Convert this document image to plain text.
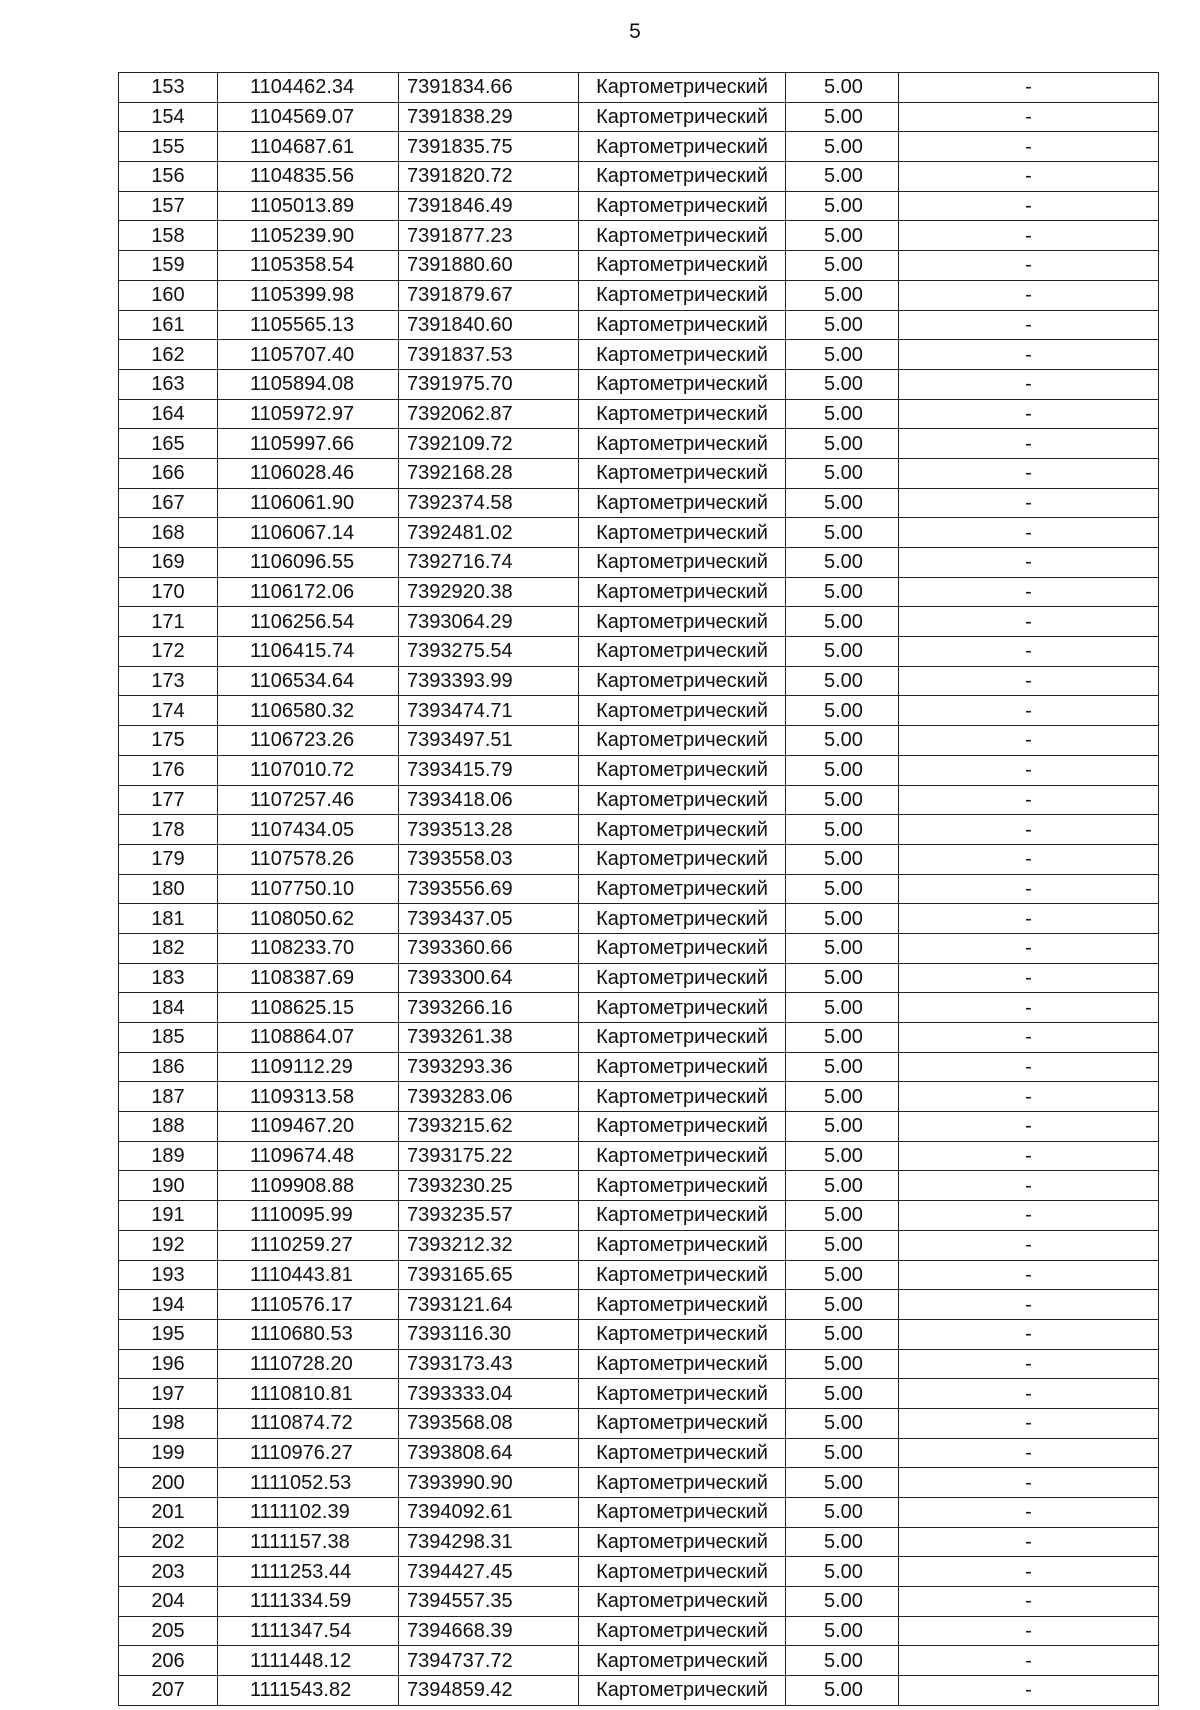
5
153	1104462.34	7391834.66	Картометрический	5.00	-
154	1104569.07	7391838.29	Картометрический	5.00	-
155	1104687.61	7391835.75	Картометрический	5.00	-
156	1104835.56	7391820.72	Картометрический	5.00	-
157	1105013.89	7391846.49	Картометрический	5.00	-
158	1105239.90	7391877.23	Картометрический	5.00	-
159	1105358.54	7391880.60	Картометрический	5.00	-
160	1105399.98	7391879.67	Картометрический	5.00	-
161	1105565.13	7391840.60	Картометрический	5.00	-
162	1105707.40	7391837.53	Картометрический	5.00	-
163	1105894.08	7391975.70	Картометрический	5.00	-
164	1105972.97	7392062.87	Картометрический	5.00	-
165	1105997.66	7392109.72	Картометрический	5.00	-
166	1106028.46	7392168.28	Картометрический	5.00	-
167	1106061.90	7392374.58	Картометрический	5.00	-
168	1106067.14	7392481.02	Картометрический	5.00	-
169	1106096.55	7392716.74	Картометрический	5.00	-
170	1106172.06	7392920.38	Картометрический	5.00	-
171	1106256.54	7393064.29	Картометрический	5.00	-
172	1106415.74	7393275.54	Картометрический	5.00	-
173	1106534.64	7393393.99	Картометрический	5.00	-
174	1106580.32	7393474.71	Картометрический	5.00	-
175	1106723.26	7393497.51	Картометрический	5.00	-
176	1107010.72	7393415.79	Картометрический	5.00	-
177	1107257.46	7393418.06	Картометрический	5.00	-
178	1107434.05	7393513.28	Картометрический	5.00	-
179	1107578.26	7393558.03	Картометрический	5.00	-
180	1107750.10	7393556.69	Картометрический	5.00	-
181	1108050.62	7393437.05	Картометрический	5.00	-
182	1108233.70	7393360.66	Картометрический	5.00	-
183	1108387.69	7393300.64	Картометрический	5.00	-
184	1108625.15	7393266.16	Картометрический	5.00	-
185	1108864.07	7393261.38	Картометрический	5.00	-
186	1109112.29	7393293.36	Картометрический	5.00	-
187	1109313.58	7393283.06	Картометрический	5.00	-
188	1109467.20	7393215.62	Картометрический	5.00	-
189	1109674.48	7393175.22	Картометрический	5.00	-
190	1109908.88	7393230.25	Картометрический	5.00	-
191	1110095.99	7393235.57	Картометрический	5.00	-
192	1110259.27	7393212.32	Картометрический	5.00	-
193	1110443.81	7393165.65	Картометрический	5.00	-
194	1110576.17	7393121.64	Картометрический	5.00	-
195	1110680.53	7393116.30	Картометрический	5.00	-
196	1110728.20	7393173.43	Картометрический	5.00	-
197	1110810.81	7393333.04	Картометрический	5.00	-
198	1110874.72	7393568.08	Картометрический	5.00	-
199	1110976.27	7393808.64	Картометрический	5.00	-
200	1111052.53	7393990.90	Картометрический	5.00	-
201	1111102.39	7394092.61	Картометрический	5.00	-
202	1111157.38	7394298.31	Картометрический	5.00	-
203	1111253.44	7394427.45	Картометрический	5.00	-
204	1111334.59	7394557.35	Картометрический	5.00	-
205	1111347.54	7394668.39	Картометрический	5.00	-
206	1111448.12	7394737.72	Картометрический	5.00	-
207	1111543.82	7394859.42	Картометрический	5.00	-
